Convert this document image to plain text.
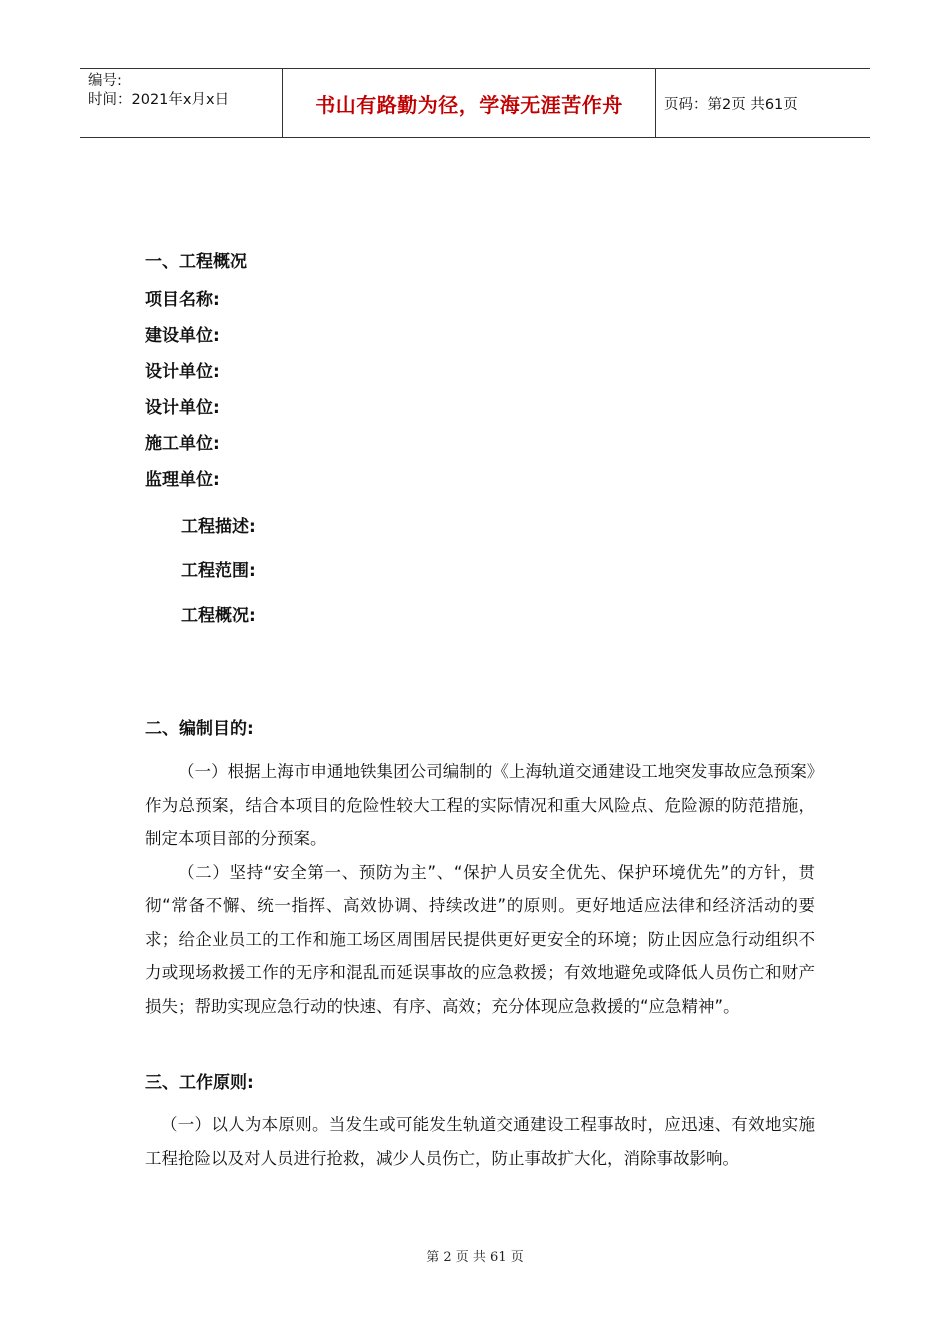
编号:
时间：2021年x月x日	书山有路勤为径，学海无涯苦作舟	页码：第2页 共61页
一、工程概况
项目名称:
建设单位:
设计单位:
设计单位:
施工单位:
监理单位:
工程描述:
工程范围:
工程概况:
二、编制目的:

（一）根据上海市申通地铁集团公司编制的《上海轨道交通建设工地突发事故应急预案》作为总预案，结合本项目的危险性较大工程的实际情况和重大风险点、危险源的防范措施，制定本项目部的分预案。

（二）坚持“安全第一、预防为主”、“保护人员安全优先、保护环境优先”的方针，贯彻“常备不懈、统一指挥、高效协调、持续改进”的原则。更好地适应法律和经济活动的要求；给企业员工的工作和施工场区周围居民提供更好更安全的环境；防止因应急行动组织不力或现场救援工作的无序和混乱而延误事故的应急救援；有效地避免或降低人员伤亡和财产损失；帮助实现应急行动的快速、有序、高效；充分体现应急救援的“应急精神”。

三、工作原则:

（一）以人为本原则。当发生或可能发生轨道交通建设工程事故时，应迅速、有效地实施工程抢险以及对人员进行抢救，减少人员伤亡，防止事故扩大化，消除事故影响。

第 2 页 共 61 页
